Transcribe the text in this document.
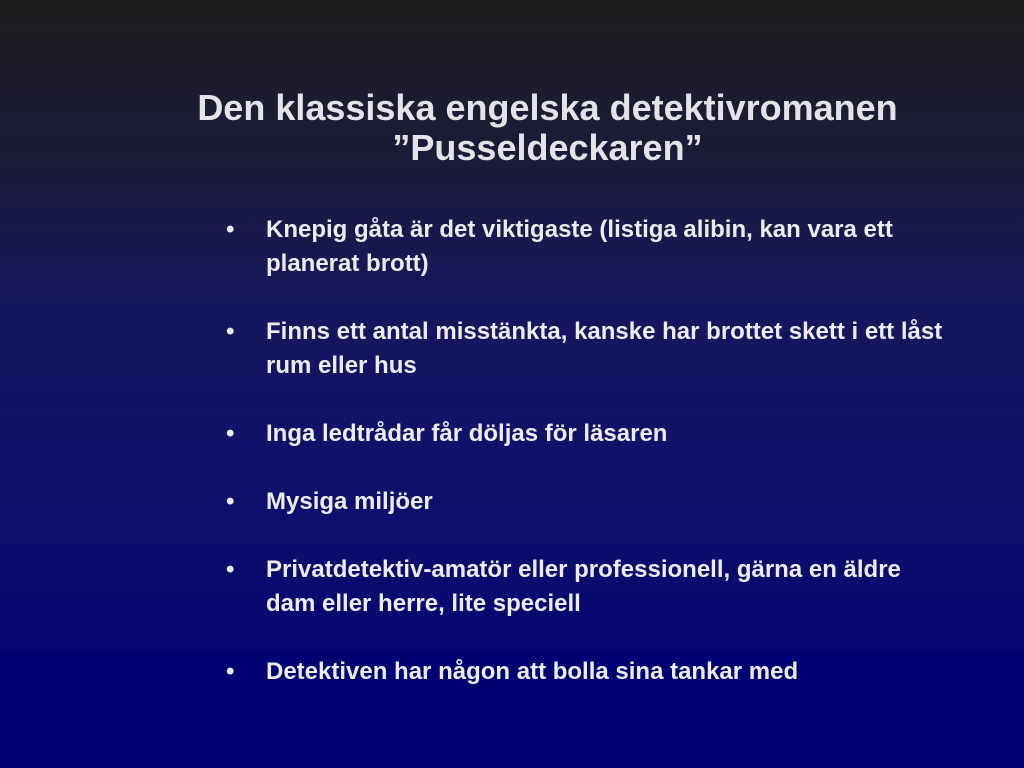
Den klassiska engelska detektivromanen
”Pusseldeckaren”
• Knepig gåta är det viktigaste (listiga alibin, kan vara ett planerat brott)
• Finns ett antal misstänkta, kanske har brottet skett i ett låst rum eller hus
• Inga ledtrådar får döljas för läsaren
• Mysiga miljöer
• Privatdetektiv-amatör eller professionell, gärna en äldre dam eller herre, lite speciell
• Detektiven har någon att bolla sina tankar med
